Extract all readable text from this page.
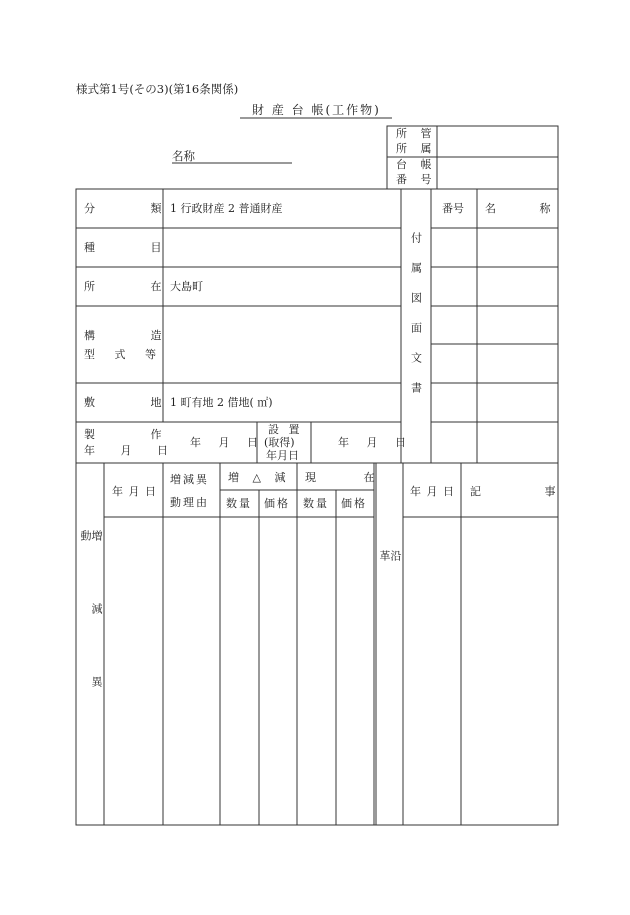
様式第1号(その3)(第16条関係)
財 産 台 帳(工作物)
名称
所 管
所 属
台 帳
番 号
分 類 1 行政財産 2 普通財産
種 目
所 在 大島町
構 造
型 式 等
敷 地 1 町有地 2 借地( ㎡)
製 作
年 月 日
年 月 日
設 置
(取得)
年月日
年 月 日
付属図面文書
番号 名 称
増減異動
年 月 日
増減異
動理由
増 △ 減 現 在
数量 価格 数量 価格
沿革
年 月 日 記 事
